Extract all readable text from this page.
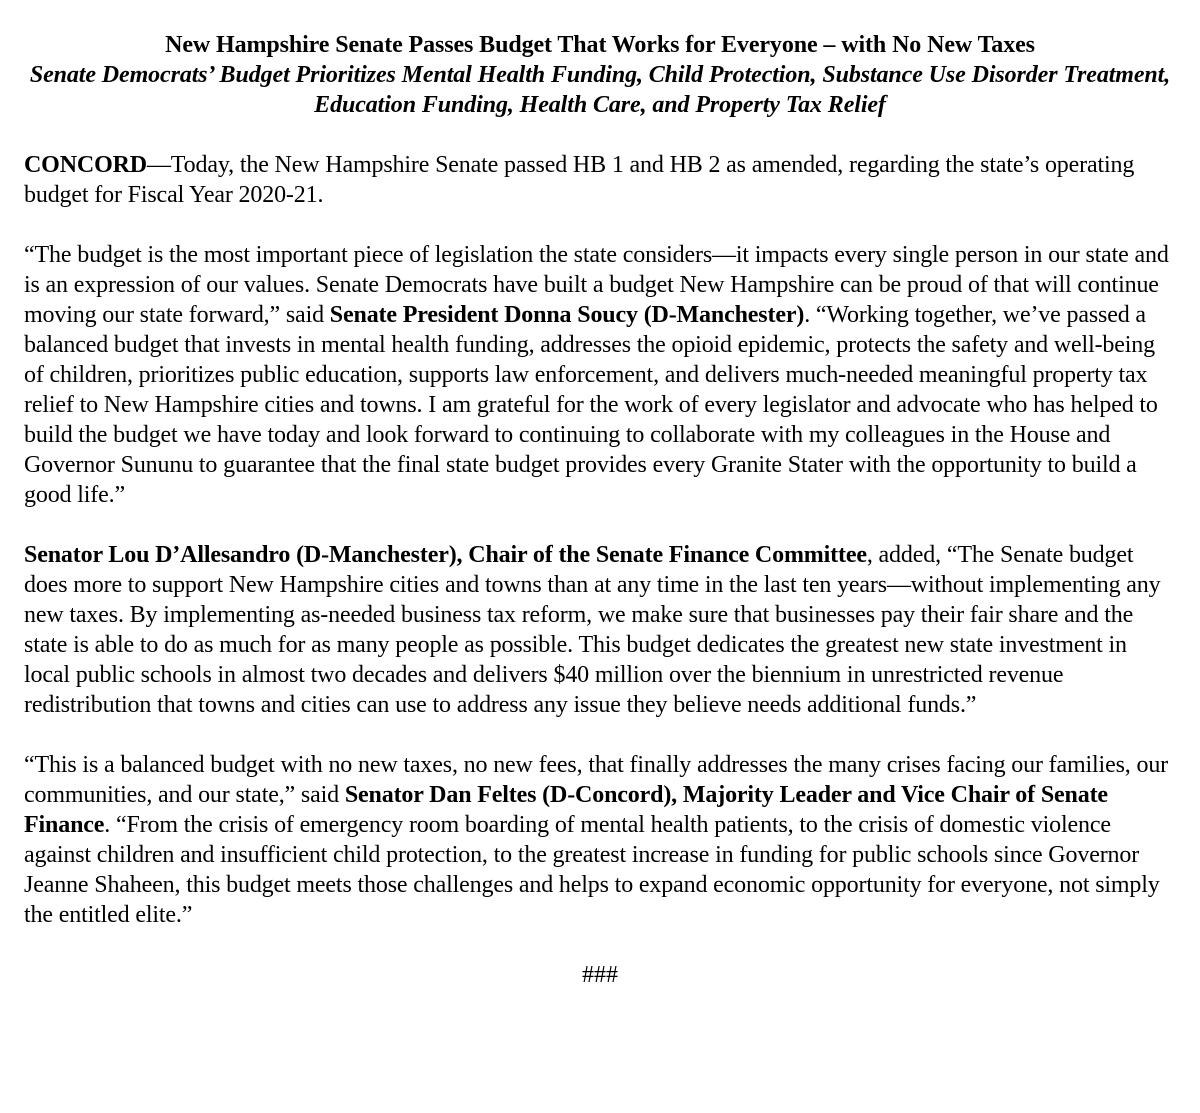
New Hampshire Senate Passes Budget That Works for Everyone – with No New Taxes

Senate Democrats’ Budget Prioritizes Mental Health Funding, Child Protection, Substance Use Disorder Treatment, Education Funding, Health Care, and Property Tax Relief

CONCORD—Today, the New Hampshire Senate passed HB 1 and HB 2 as amended, regarding the state’s operating budget for Fiscal Year 2020-21.

“The budget is the most important piece of legislation the state considers—it impacts every single person in our state and is an expression of our values. Senate Democrats have built a budget New Hampshire can be proud of that will continue moving our state forward,” said Senate President Donna Soucy (D-Manchester). “Working together, we’ve passed a balanced budget that invests in mental health funding, addresses the opioid epidemic, protects the safety and well-being of children, prioritizes public education, supports law enforcement, and delivers much-needed meaningful property tax relief to New Hampshire cities and towns. I am grateful for the work of every legislator and advocate who has helped to build the budget we have today and look forward to continuing to collaborate with my colleagues in the House and Governor Sununu to guarantee that the final state budget provides every Granite Stater with the opportunity to build a good life.”

Senator Lou D’Allesandro (D-Manchester), Chair of the Senate Finance Committee, added, “The Senate budget does more to support New Hampshire cities and towns than at any time in the last ten years—without implementing any new taxes. By implementing as-needed business tax reform, we make sure that businesses pay their fair share and the state is able to do as much for as many people as possible. This budget dedicates the greatest new state investment in local public schools in almost two decades and delivers $40 million over the biennium in unrestricted revenue redistribution that towns and cities can use to address any issue they believe needs additional funds.”

“This is a balanced budget with no new taxes, no new fees, that finally addresses the many crises facing our families, our communities, and our state,” said Senator Dan Feltes (D-Concord), Majority Leader and Vice Chair of Senate Finance. “From the crisis of emergency room boarding of mental health patients, to the crisis of domestic violence against children and insufficient child protection, to the greatest increase in funding for public schools since Governor Jeanne Shaheen, this budget meets those challenges and helps to expand economic opportunity for everyone, not simply the entitled elite.”

###
